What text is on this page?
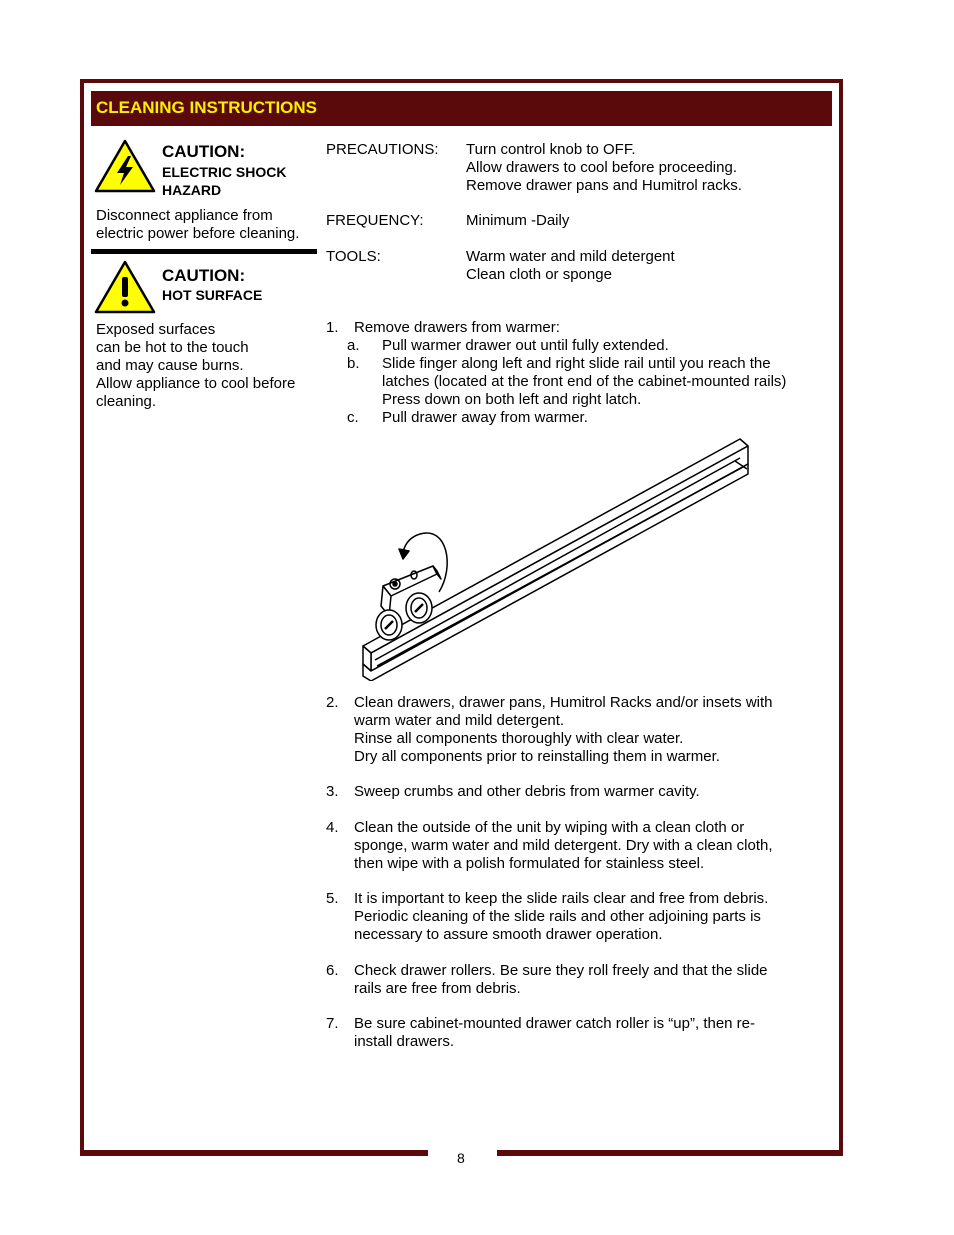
CLEANING INSTRUCTIONS
CAUTION:
ELECTRIC SHOCK
HAZARD
Disconnect appliance from
electric power before cleaning.
CAUTION:
HOT SURFACE
Exposed surfaces
can be hot to the touch
and may cause burns.
Allow appliance to cool before
cleaning.
PRECAUTIONS: Turn control knob to OFF.
Allow drawers to cool before proceeding.
Remove drawer pans and Humitrol racks.
FREQUENCY:	Minimum -Daily
TOOLS:	Warm water and mild detergent
Clean cloth or sponge
1. Remove drawers from warmer:
a. Pull warmer drawer out until fully extended.
b. Slide finger along left and right slide rail until you reach the
latches (located at the front end of the cabinet-mounted rails)
Press down on both left and right latch.
c. Pull drawer away from warmer.
2. Clean drawers, drawer pans, Humitrol Racks and/or insets with
warm water and mild detergent.
Rinse all components thoroughly with clear water.
Dry all components prior to reinstalling them in warmer.
3. Sweep crumbs and other debris from warmer cavity.
4. Clean the outside of the unit by wiping with a clean cloth or
sponge, warm water and mild detergent. Dry with a clean cloth,
then wipe with a polish formulated for stainless steel.
5. It is important to keep the slide rails clear and free from debris.
Periodic cleaning of the slide rails and other adjoining parts is
necessary to assure smooth drawer operation.
6. Check drawer rollers. Be sure they roll freely and that the slide
rails are free from debris.
7. Be sure cabinet-mounted drawer catch roller is “up”, then re-
install drawers.
8
